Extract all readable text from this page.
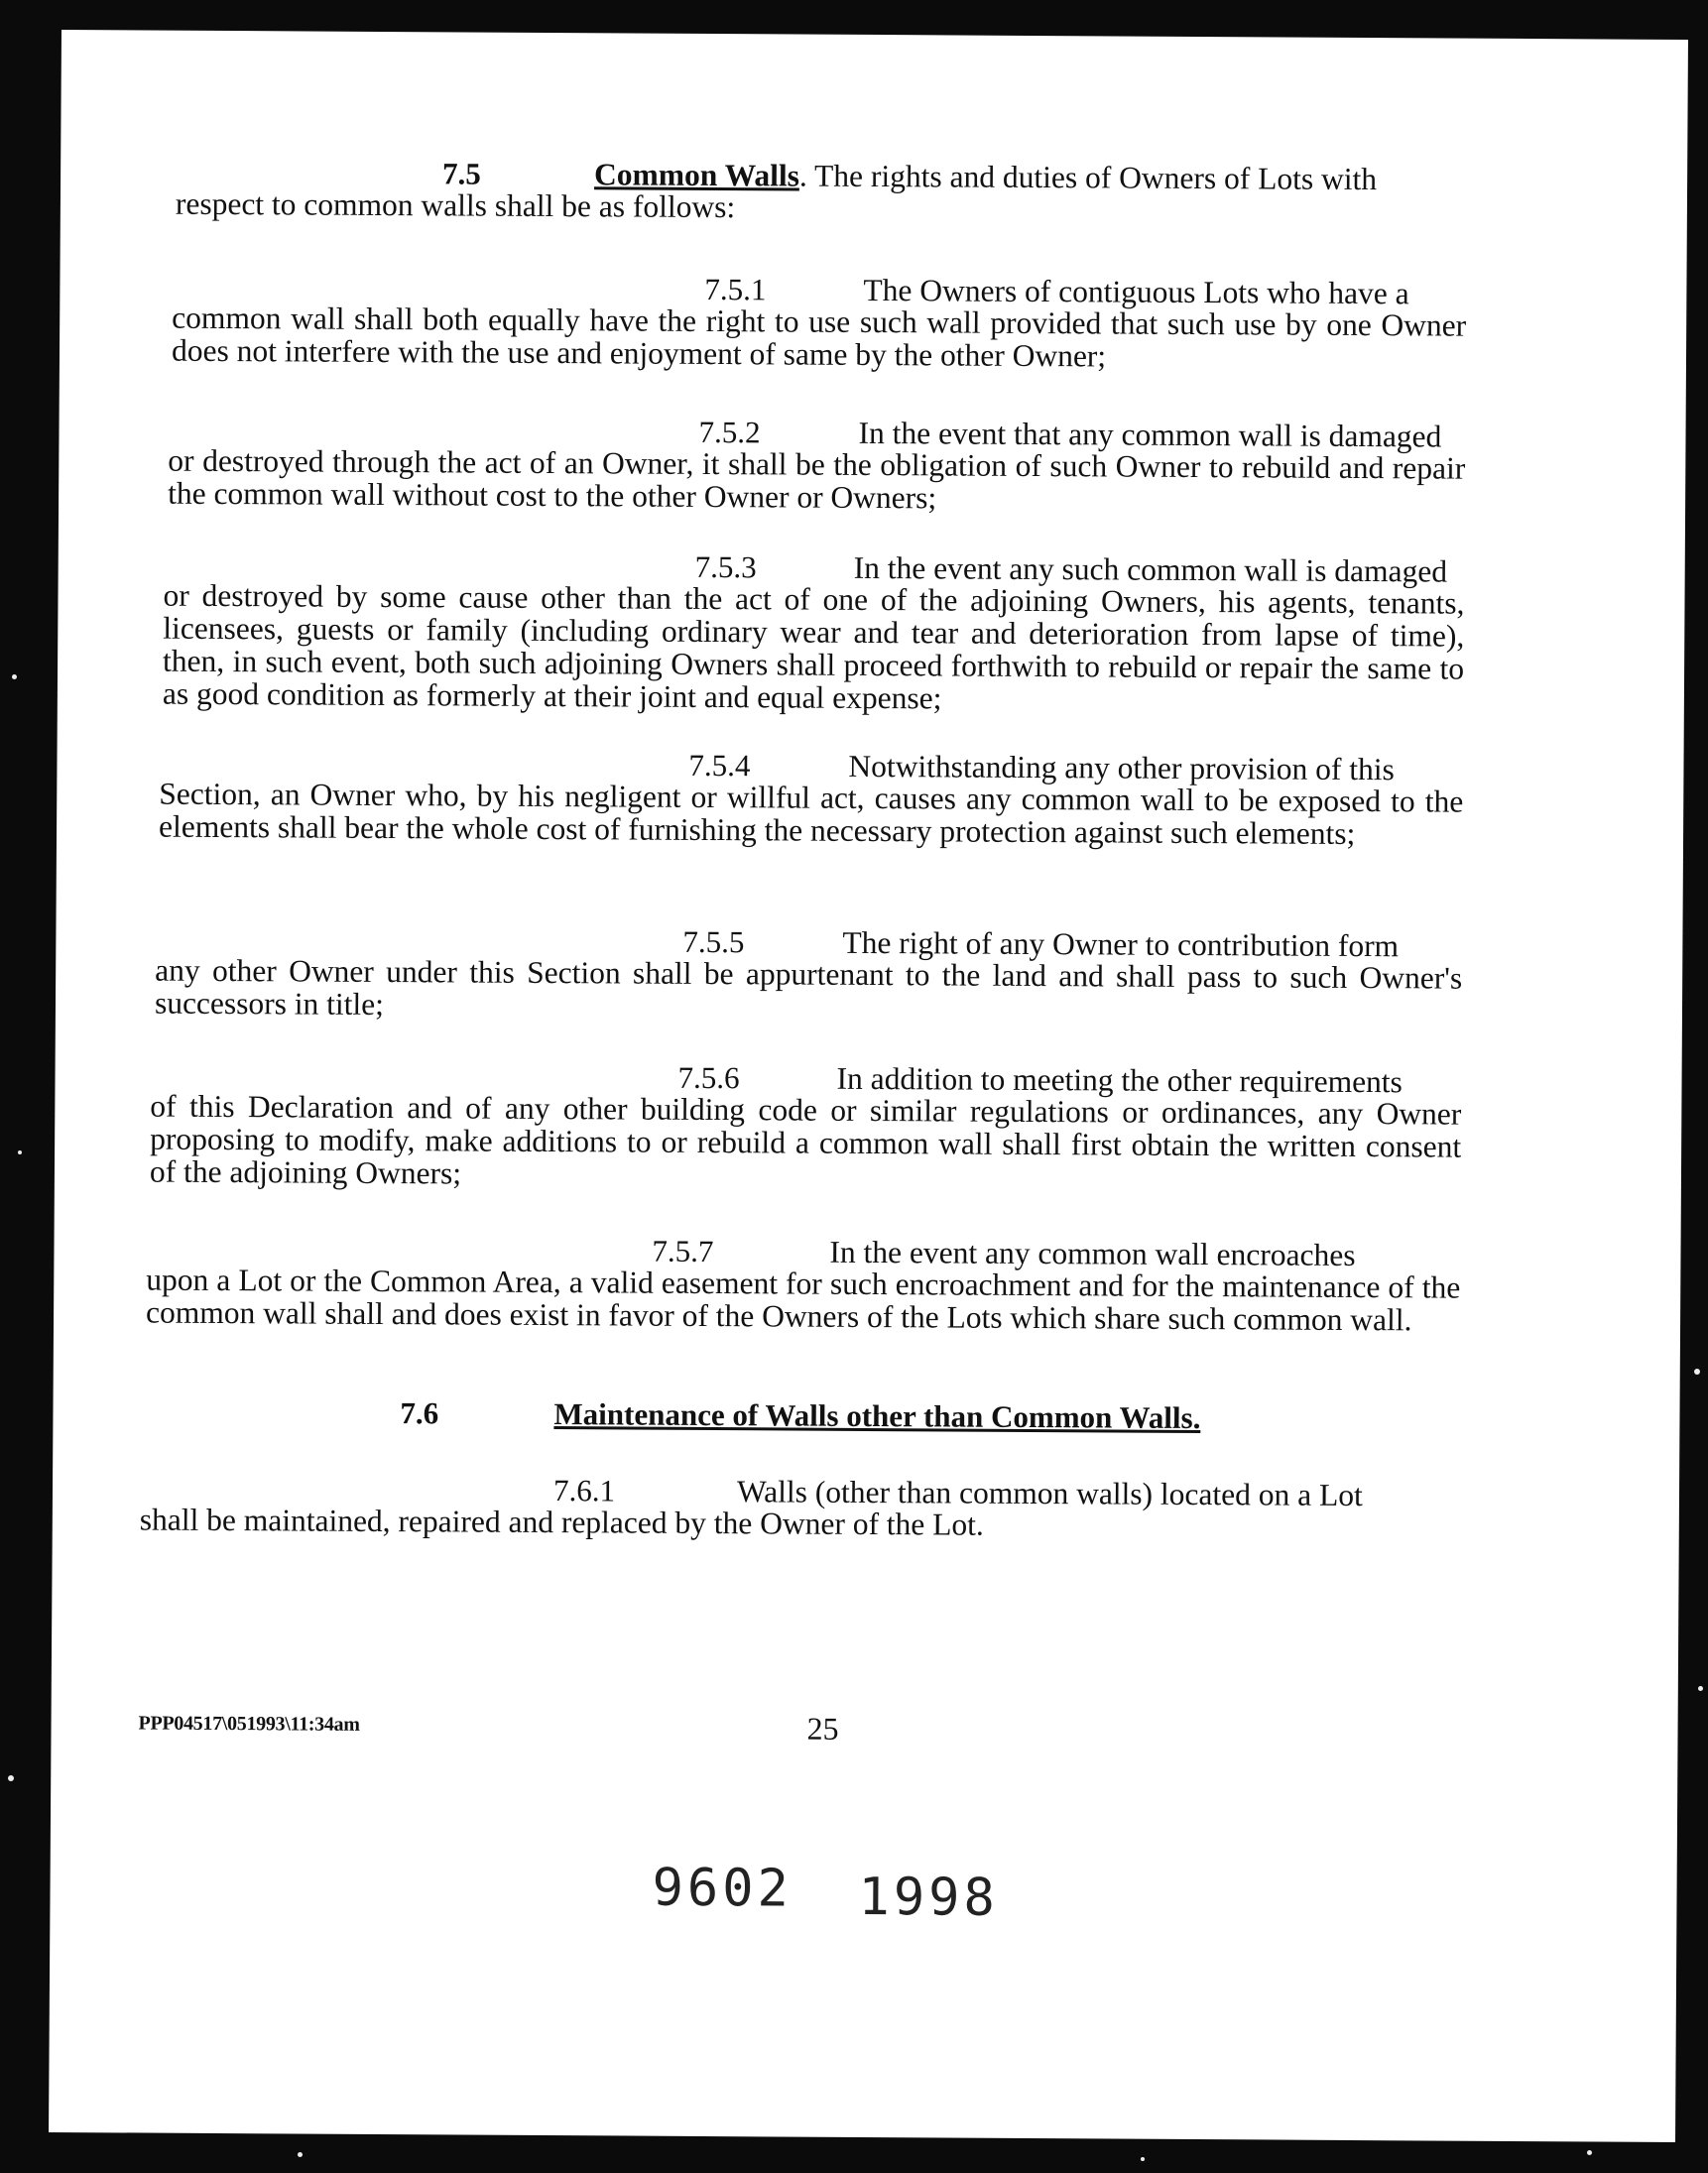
7.5	Common Walls. The rights and duties of Owners of Lots with
respect to common walls shall be as follows:
7.5.1	The Owners of contiguous Lots who have a
common wall shall both equally have the right to use such wall provided that such use by one Owner does not interfere with the use and enjoyment of same by the other Owner;
7.5.2	In the event that any common wall is damaged
or destroyed through the act of an Owner, it shall be the obligation of such Owner to rebuild and repair the common wall without cost to the other Owner or Owners;
7.5.3	In the event any such common wall is damaged
or destroyed by some cause other than the act of one of the adjoining Owners, his agents, tenants, licensees, guests or family (including ordinary wear and tear and deterioration from lapse of time), then, in such event, both such adjoining Owners shall proceed forthwith to rebuild or repair the same to as good condition as formerly at their joint and equal expense;
7.5.4	Notwithstanding any other provision of this
Section, an Owner who, by his negligent or willful act, causes any common wall to be exposed to the elements shall bear the whole cost of furnishing the necessary protection against such elements;
7.5.5	The right of any Owner to contribution form
any other Owner under this Section shall be appurtenant to the land and shall pass to such Owner's successors in title;
7.5.6	In addition to meeting the other requirements
of this Declaration and of any other building code or similar regulations or ordinances, any Owner proposing to modify, make additions to or rebuild a common wall shall first obtain the written consent of the adjoining Owners;
7.5.7	In the event any common wall encroaches
upon a Lot or the Common Area, a valid easement for such encroachment and for the maintenance of the common wall shall and does exist in favor of the Owners of the Lots which share such common wall.
7.6	Maintenance of Walls other than Common Walls.
7.6.1	Walls (other than common walls) located on a Lot
shall be maintained, repaired and replaced by the Owner of the Lot.
PPP04517\051993\11:34am	25
9602 1998
